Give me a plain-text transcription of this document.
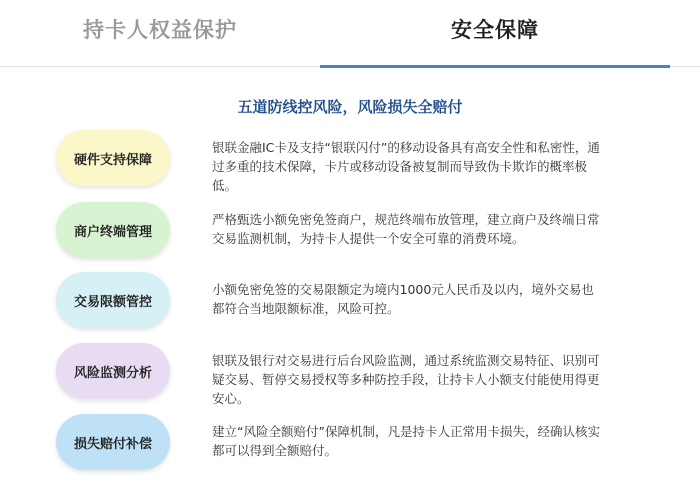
持卡人权益保护	安全保障
五道防线控风险，风险损失全赔付
硬件支持保障
银联金融IC卡及支持“银联闪付”的移动设备具有高安全性和私密性，通过多重的技术保障，卡片或移动设备被复制而导致伪卡欺诈的概率极低。
商户终端管理
严格甄选小额免密免签商户，规范终端布放管理，建立商户及终端日常交易监测机制，为持卡人提供一个安全可靠的消费环境。
交易限额管控
小额免密免签的交易限额定为境内1000元人民币及以内，境外交易也都符合当地限额标准，风险可控。
风险监测分析
银联及银行对交易进行后台风险监测，通过系统监测交易特征、识别可疑交易、暂停交易授权等多种防控手段，让持卡人小额支付能使用得更安心。
损失赔付补偿
建立“风险全额赔付”保障机制，凡是持卡人正常用卡损失，经确认核实都可以得到全额赔付。
